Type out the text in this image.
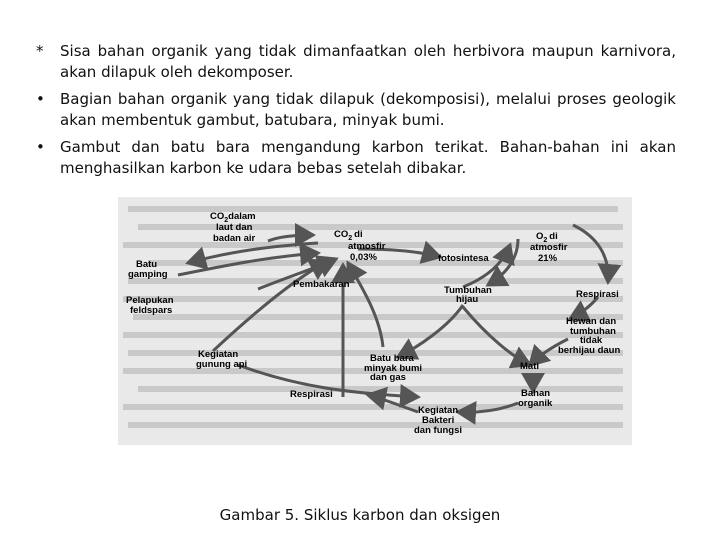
*	Sisa bahan organik yang tidak dimanfaatkan oleh herbivora maupun karnivora, akan dilapuk oleh dekomposer.
•	Bagian bahan organik yang tidak dilapuk (dekomposisi), melalui proses geologik akan membentuk gambut, batubara, minyak bumi.
•	Gambut dan batu bara mengandung karbon terikat. Bahan-bahan ini akan menghasilkan karbon ke udara bebas setelah dibakar.
$CO_2dalam$
laut dan
badan air	$CO_2$ di
atmosfir
0,03%
$O_2$ di
atmosfir
21%
Batu
gamping
fotosintesa
Pembakaran
Tumbuhan
hijau	Respirasi
Pelapukan
feldspars
Hewan dan
tumbuhan
tidak
berhijau daun
Kegiatan
gunung api
Batu bara
minyak bumi
dan gas
Mati
Respirasi	Bahan
organik
Kegiatan
Bakteri
dan fungsi
Gambar 5. Siklus karbon dan oksigen
